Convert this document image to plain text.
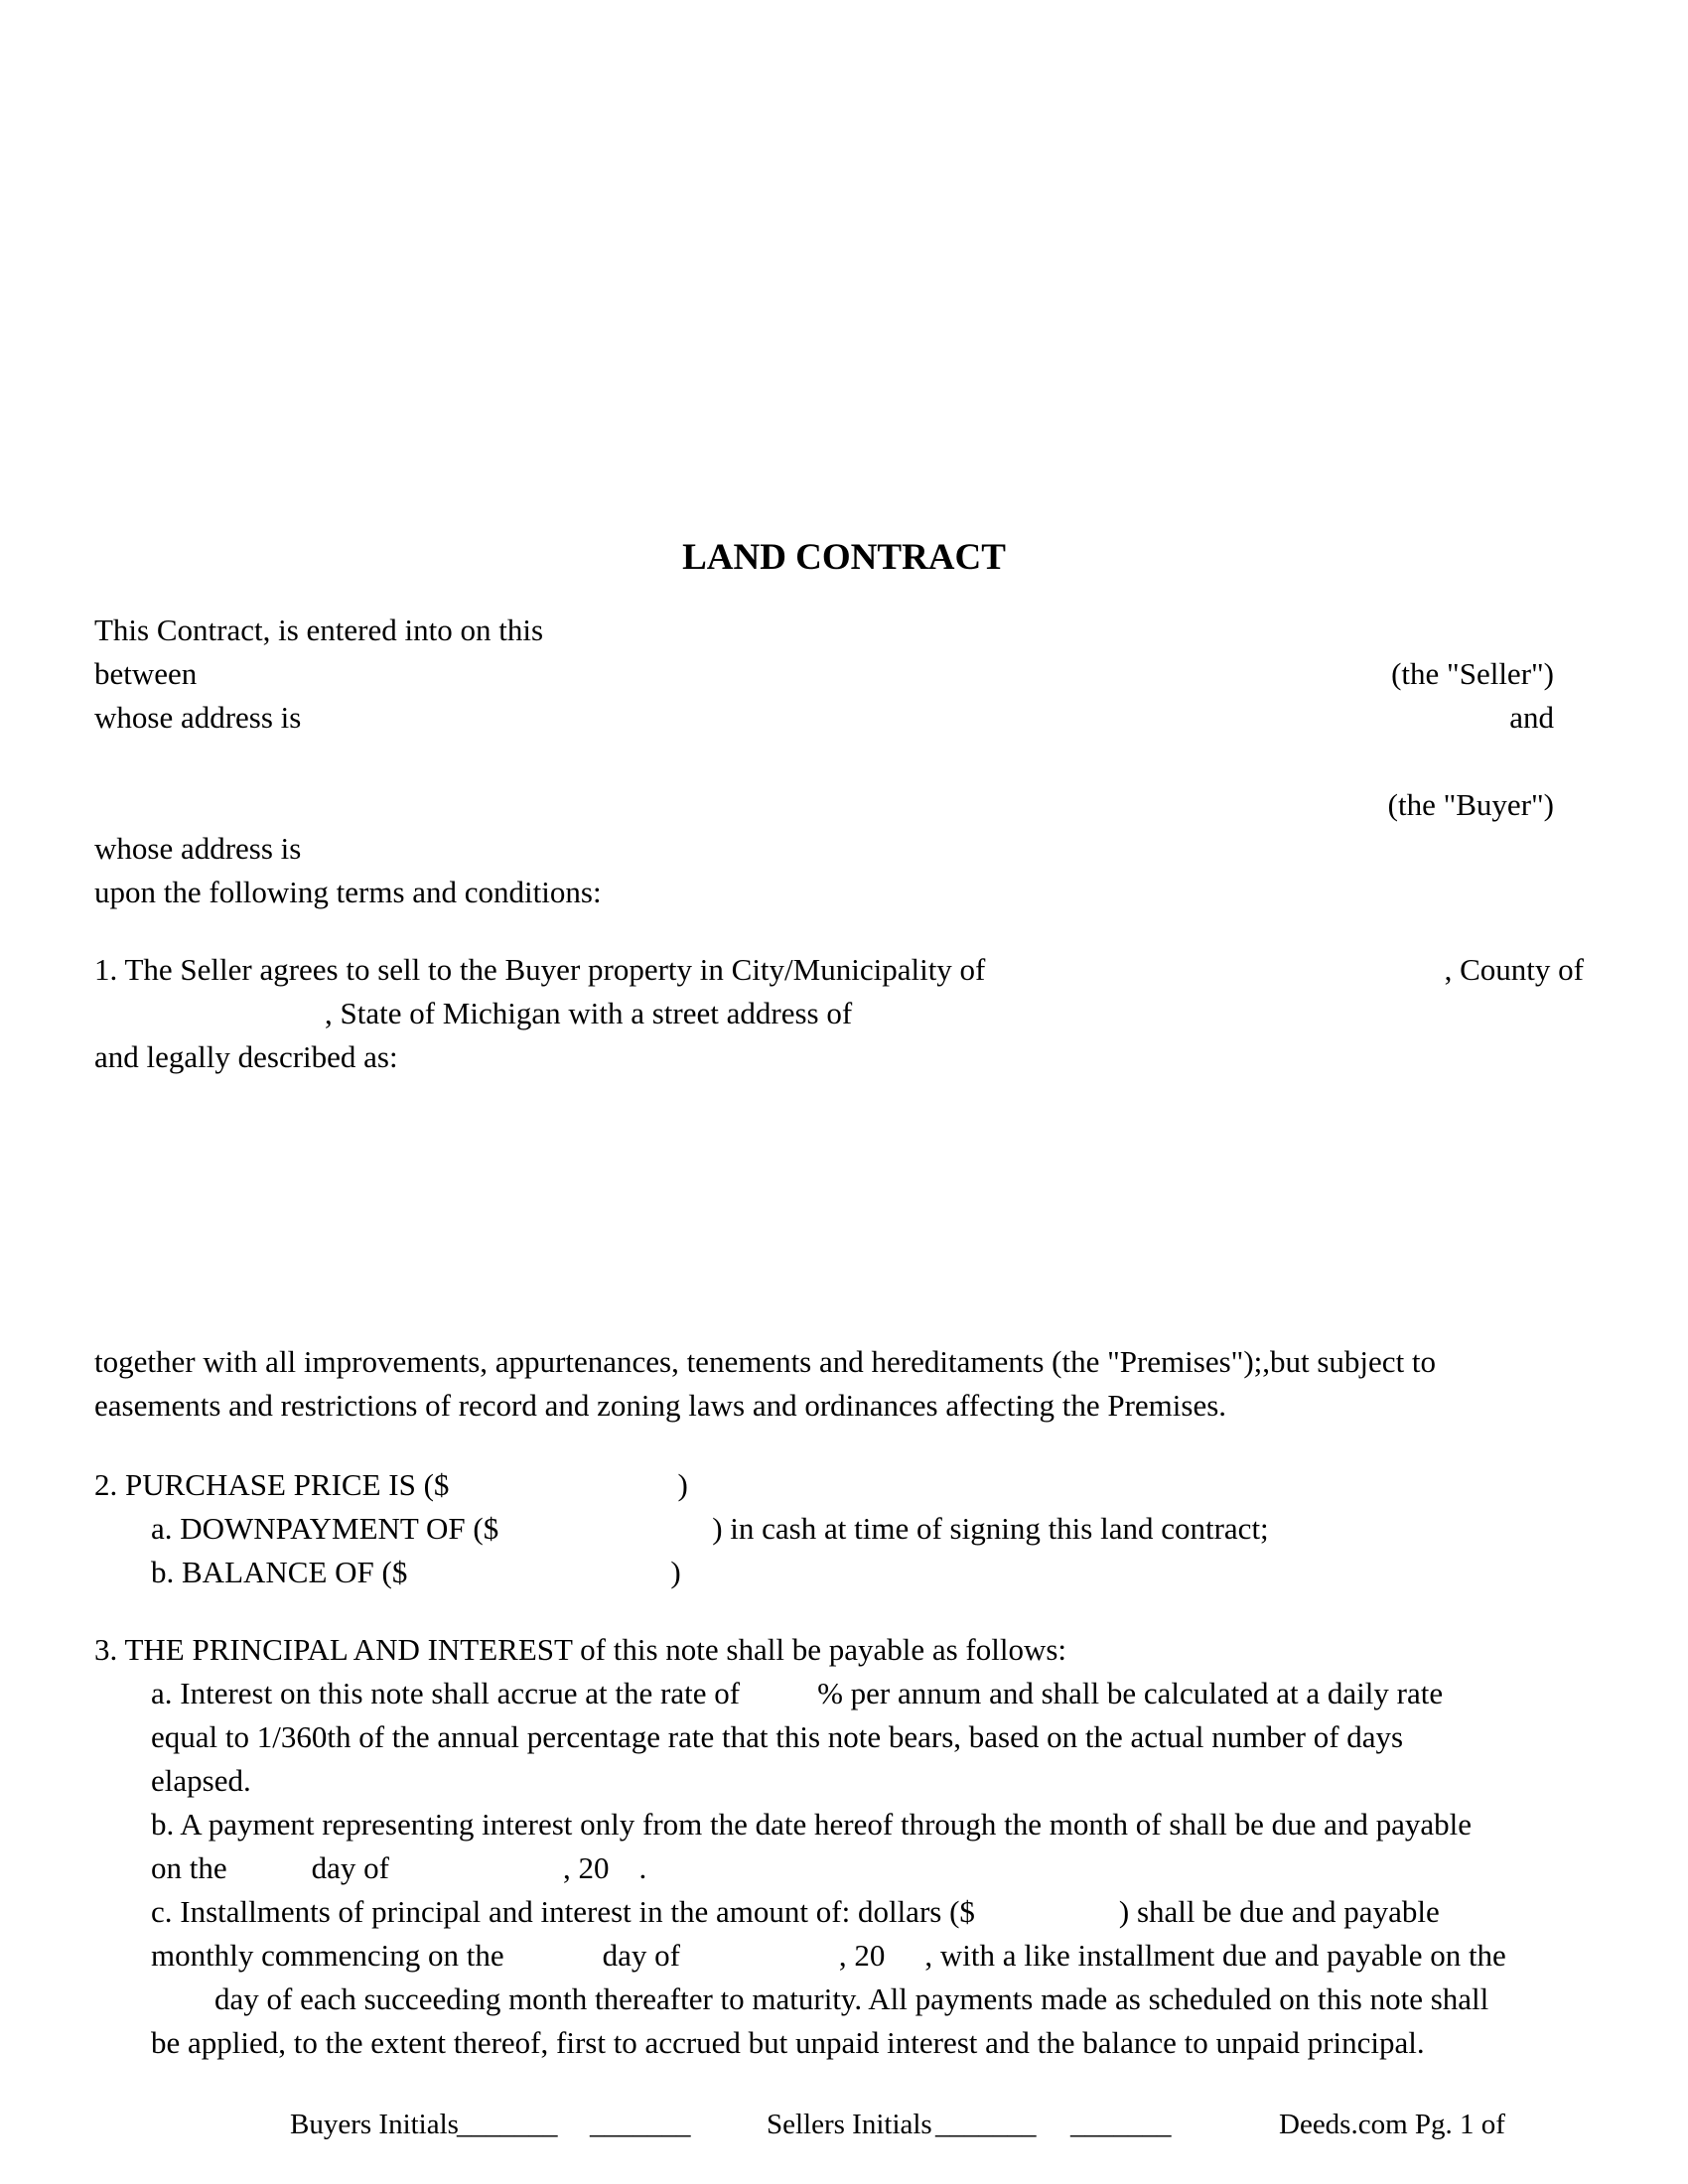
LAND CONTRACT
This Contract, is entered into on this
between	(the "Seller")
whose address is	and

(the "Buyer")
whose address is
upon the following terms and conditions:
1. The Seller agrees to sell to the Buyer property in City/Municipality of	, County of
, State of Michigan with a street address of
and legally described as:
together with all improvements, appurtenances, tenements and hereditaments (the "Premises");,but subject to
easements and restrictions of record and zoning laws and ordinances affecting the Premises.
2. PURCHASE PRICE IS ($	)
a. DOWNPAYMENT OF ($	) in cash at time of signing this land contract;
b. BALANCE OF ($	)
3. THE PRINCIPAL AND INTEREST of this note shall be payable as follows:
a. Interest on this note shall accrue at the rate of	% per annum and shall be calculated at a daily rate
equal to 1/360th of the annual percentage rate that this note bears, based on the actual number of days
elapsed.
b. A payment representing interest only from the date hereof through the month of shall be due and payable
on the	day of	, 20 .
c. Installments of principal and interest in the amount of: dollars ($	) shall be due and payable
monthly commencing on the	day of	, 20 , with a like installment due and payable on the
day of each succeeding month thereafter to maturity. All payments made as scheduled on this note shall
be applied, to the extent thereof, first to accrued but unpaid interest and the balance to unpaid principal.
Buyers Initials
_______ _______	Sellers Initials _______ _______	Deeds.com Pg. 1 of
